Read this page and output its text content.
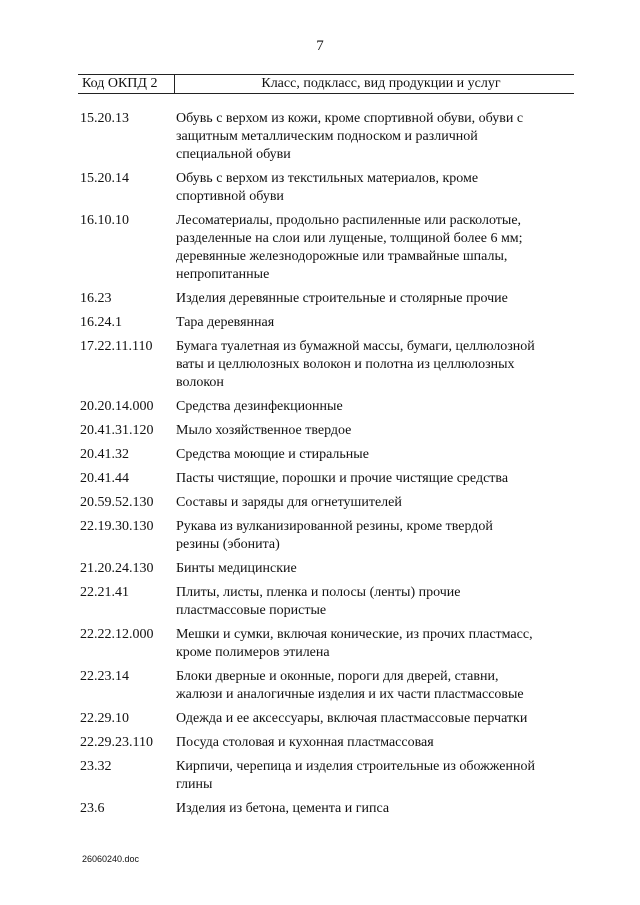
7
Код ОКПД 2	Класс, подкласс, вид продукции и услуг
15.20.13	Обувь с верхом из кожи, кроме спортивной обуви, обуви с
защитным металлическим подноском и различной
специальной обуви
15.20.14	Обувь с верхом из текстильных материалов, кроме
спортивной обуви
16.10.10	Лесоматериалы, продольно распиленные или расколотые,
разделенные на слои или лущеные, толщиной более 6 мм;
деревянные железнодорожные или трамвайные шпалы,
непропитанные
16.23	Изделия деревянные строительные и столярные прочие
16.24.1	Тара деревянная
17.22.11.110	Бумага туалетная из бумажной массы, бумаги, целлюлозной
ваты и целлюлозных волокон и полотна из целлюлозных
волокон
20.20.14.000	Средства дезинфекционные
20.41.31.120	Мыло хозяйственное твердое
20.41.32	Средства моющие и стиральные
20.41.44	Пасты чистящие, порошки и прочие чистящие средства
20.59.52.130	Составы и заряды для огнетушителей
22.19.30.130	Рукава из вулканизированной резины, кроме твердой
резины (эбонита)
21.20.24.130	Бинты медицинские
22.21.41	Плиты, листы, пленка и полосы (ленты) прочие
пластмассовые пористые
22.22.12.000	Мешки и сумки, включая конические, из прочих пластмасс,
кроме полимеров этилена
22.23.14	Блоки дверные и оконные, пороги для дверей, ставни,
жалюзи и аналогичные изделия и их части пластмассовые
22.29.10	Одежда и ее аксессуары, включая пластмассовые перчатки
22.29.23.110	Посуда столовая и кухонная пластмассовая
23.32	Кирпичи, черепица и изделия строительные из обожженной
глины
23.6	Изделия из бетона, цемента и гипса
26060240.doc
